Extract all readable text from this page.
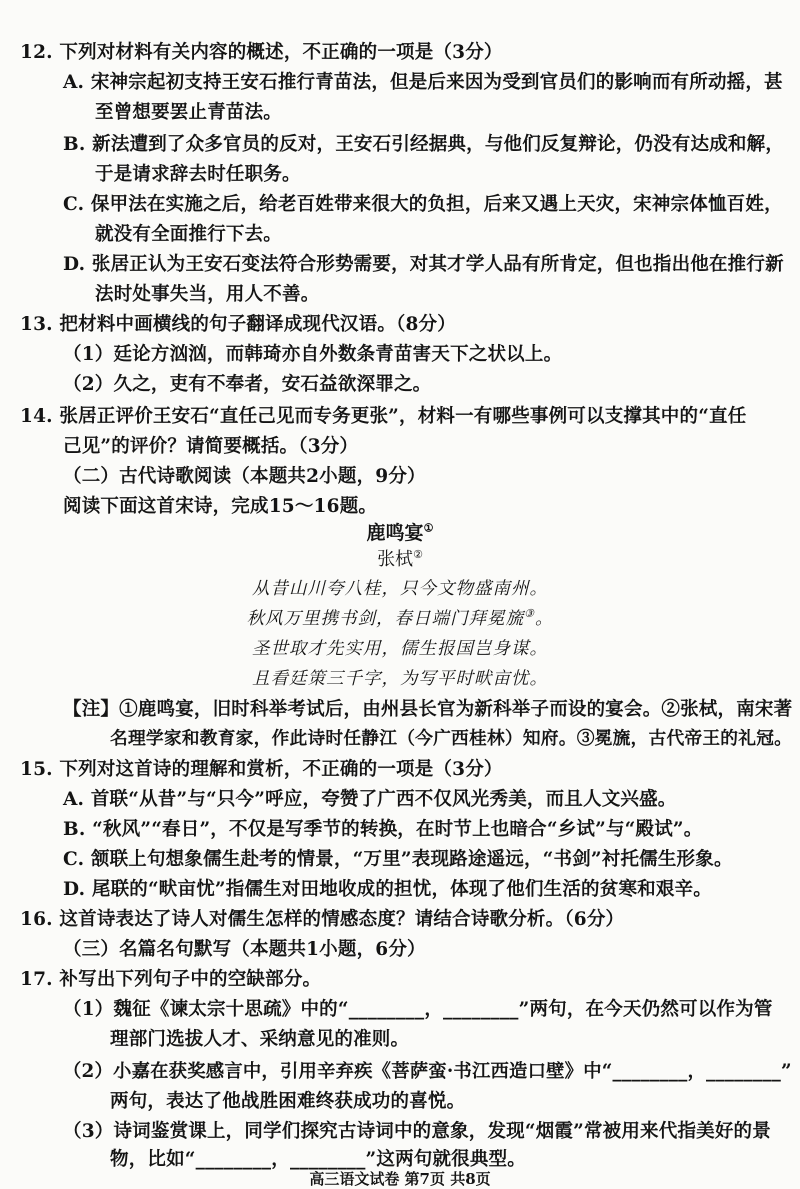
12. 下列对材料有关内容的概述，不正确的一项是（3分）
A. 宋神宗起初支持王安石推行青苗法，但是后来因为受到官员们的影响而有所动摇，甚
至曾想要罢止青苗法。
B. 新法遭到了众多官员的反对，王安石引经据典，与他们反复辩论，仍没有达成和解，
于是请求辞去时任职务。
C. 保甲法在实施之后，给老百姓带来很大的负担，后来又遇上天灾，宋神宗体恤百姓，
就没有全面推行下去。
D. 张居正认为王安石变法符合形势需要，对其才学人品有所肯定，但也指出他在推行新
法时处事失当，用人不善。
13. 把材料中画横线的句子翻译成现代汉语。（8分）
（1）廷论方汹汹，而韩琦亦自外数条青苗害天下之状以上。
（2）久之，吏有不奉者，安石益欲深罪之。
14. 张居正评价王安石“直任己见而专务更张”，材料一有哪些事例可以支撑其中的“直任
己见”的评价？请简要概括。（3分）
（二）古代诗歌阅读（本题共2小题，9分）
阅读下面这首宋诗，完成15～16题。
鹿鸣宴①
张栻②
从昔山川夸八桂，只今文物盛南州。
秋风万里携书剑，春日端门拜冕旒③。
圣世取才先实用，儒生报国岂身谋。
且看廷策三千字，为写平时畎亩忧。
【注】①鹿鸣宴，旧时科举考试后，由州县长官为新科举子而设的宴会。②张栻，南宋著
名理学家和教育家，作此诗时任静江（今广西桂林）知府。③冕旒，古代帝王的礼冠。
15. 下列对这首诗的理解和赏析，不正确的一项是（3分）
A. 首联“从昔”与“只今”呼应，夸赞了广西不仅风光秀美，而且人文兴盛。
B. “秋风”“春日”，不仅是写季节的转换，在时节上也暗合“乡试”与“殿试”。
C. 颔联上句想象儒生赴考的情景，“万里”表现路途遥远，“书剑”衬托儒生形象。
D. 尾联的“畎亩忧”指儒生对田地收成的担忧，体现了他们生活的贫寒和艰辛。
16. 这首诗表达了诗人对儒生怎样的情感态度？请结合诗歌分析。（6分）
（三）名篇名句默写（本题共1小题，6分）
17. 补写出下列句子中的空缺部分。
（1）魏征《谏太宗十思疏》中的“________，________”两句，在今天仍然可以作为管
理部门选拔人才、采纳意见的准则。
（2）小嘉在获奖感言中，引用辛弃疾《菩萨蛮·书江西造口壁》中“________，________”
两句，表达了他战胜困难终获成功的喜悦。
（3）诗词鉴赏课上，同学们探究古诗词中的意象，发现“烟霞”常被用来代指美好的景
物，比如“________，________”这两句就很典型。
高三语文试卷 第7页 共8页
